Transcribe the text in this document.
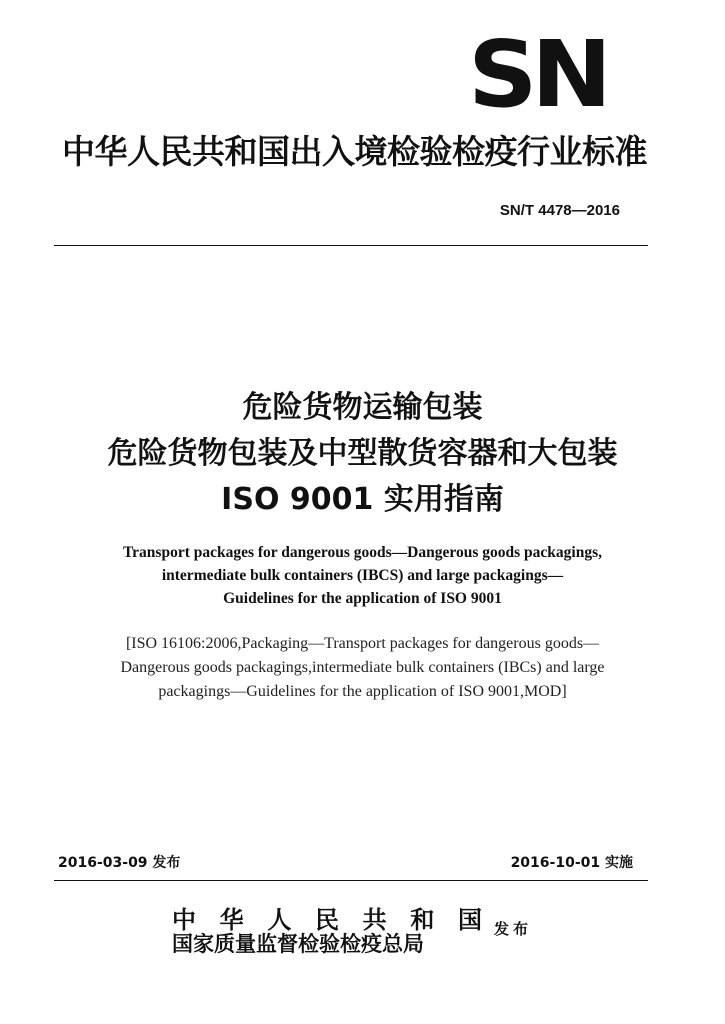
SN
中华人民共和国出入境检验检疫行业标准
SN/T 4478—2016
危险货物运输包装
危险货物包装及中型散货容器和大包装
ISO 9001 实用指南
Transport packages for dangerous goods—Dangerous goods packagings,
intermediate bulk containers (IBCS) and large packagings—
Guidelines for the application of ISO 9001
[ISO 16106:2006,Packaging—Transport packages for dangerous goods—
Dangerous goods packagings,intermediate bulk containers (IBCs) and large
packagings—Guidelines for the application of ISO 9001,MOD]
2016-03-09 发布	2016-10-01 实施
中华人民共和国
国家质量监督检验检疫总局
发布
